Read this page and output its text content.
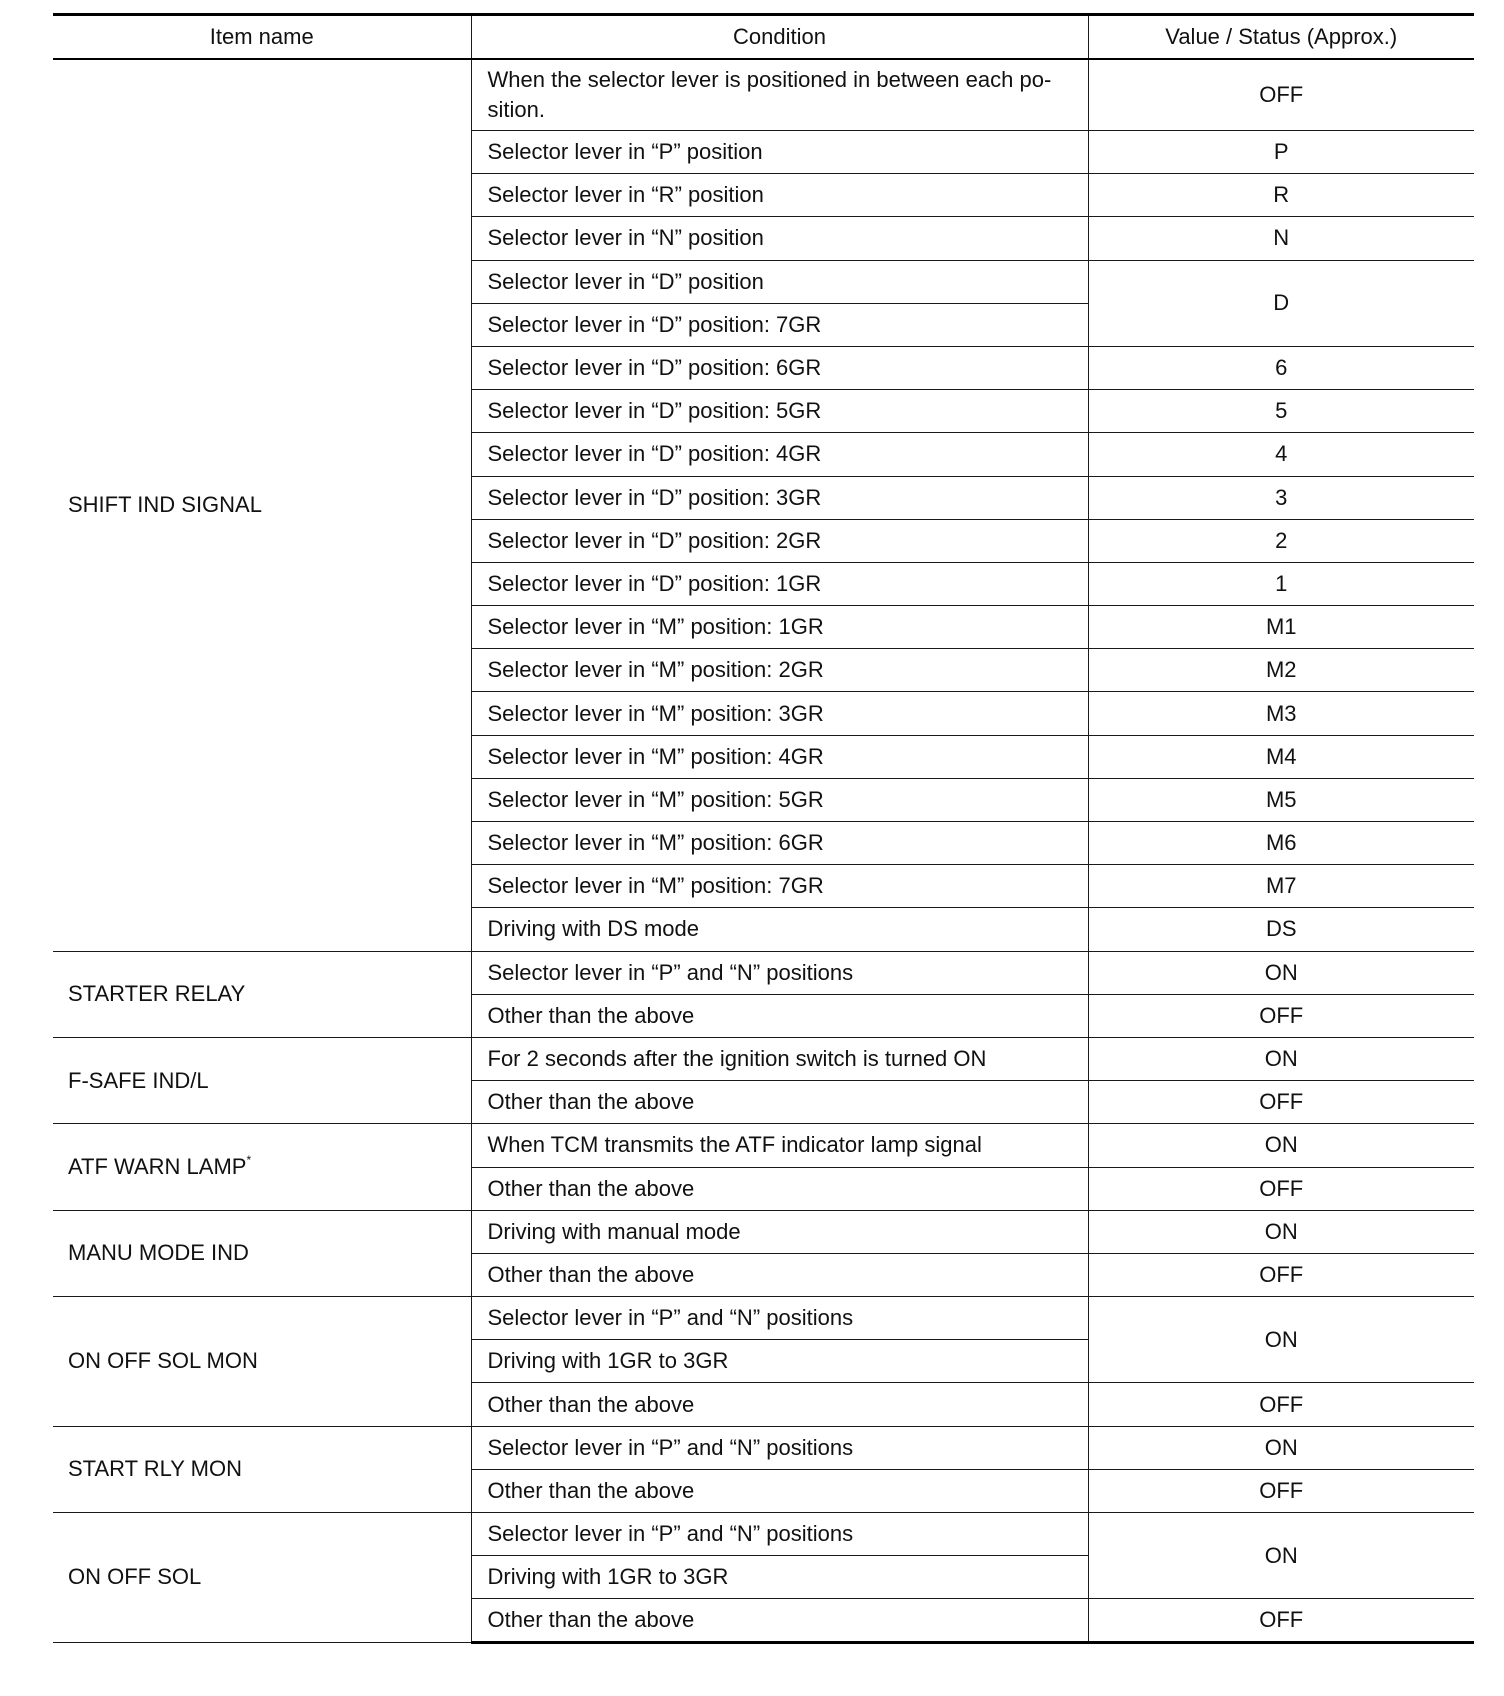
Item name	Condition	Value / Status (Approx.)
SHIFT IND SIGNAL	When the selector lever is positioned in between each po-sition.	OFF
	Selector lever in “P” position	P
	Selector lever in “R” position	R
	Selector lever in “N” position	N
	Selector lever in “D” position	D
	Selector lever in “D” position: 7GR	
	Selector lever in “D” position: 6GR	6
	Selector lever in “D” position: 5GR	5
	Selector lever in “D” position: 4GR	4
	Selector lever in “D” position: 3GR	3
	Selector lever in “D” position: 2GR	2
	Selector lever in “D” position: 1GR	1
	Selector lever in “M” position: 1GR	M1
	Selector lever in “M” position: 2GR	M2
	Selector lever in “M” position: 3GR	M3
	Selector lever in “M” position: 4GR	M4
	Selector lever in “M” position: 5GR	M5
	Selector lever in “M” position: 6GR	M6
	Selector lever in “M” position: 7GR	M7
	Driving with DS mode	DS
STARTER RELAY	Selector lever in “P” and “N” positions	ON
	Other than the above	OFF
F-SAFE IND/L	For 2 seconds after the ignition switch is turned ON	ON
	Other than the above	OFF
ATF WARN LAMP*	When TCM transmits the ATF indicator lamp signal	ON
	Other than the above	OFF
MANU MODE IND	Driving with manual mode	ON
	Other than the above	OFF
ON OFF SOL MON	Selector lever in “P” and “N” positions	ON
	Driving with 1GR to 3GR	
	Other than the above	OFF
START RLY MON	Selector lever in “P” and “N” positions	ON
	Other than the above	OFF
ON OFF SOL	Selector lever in “P” and “N” positions	ON
	Driving with 1GR to 3GR	
	Other than the above	OFF
